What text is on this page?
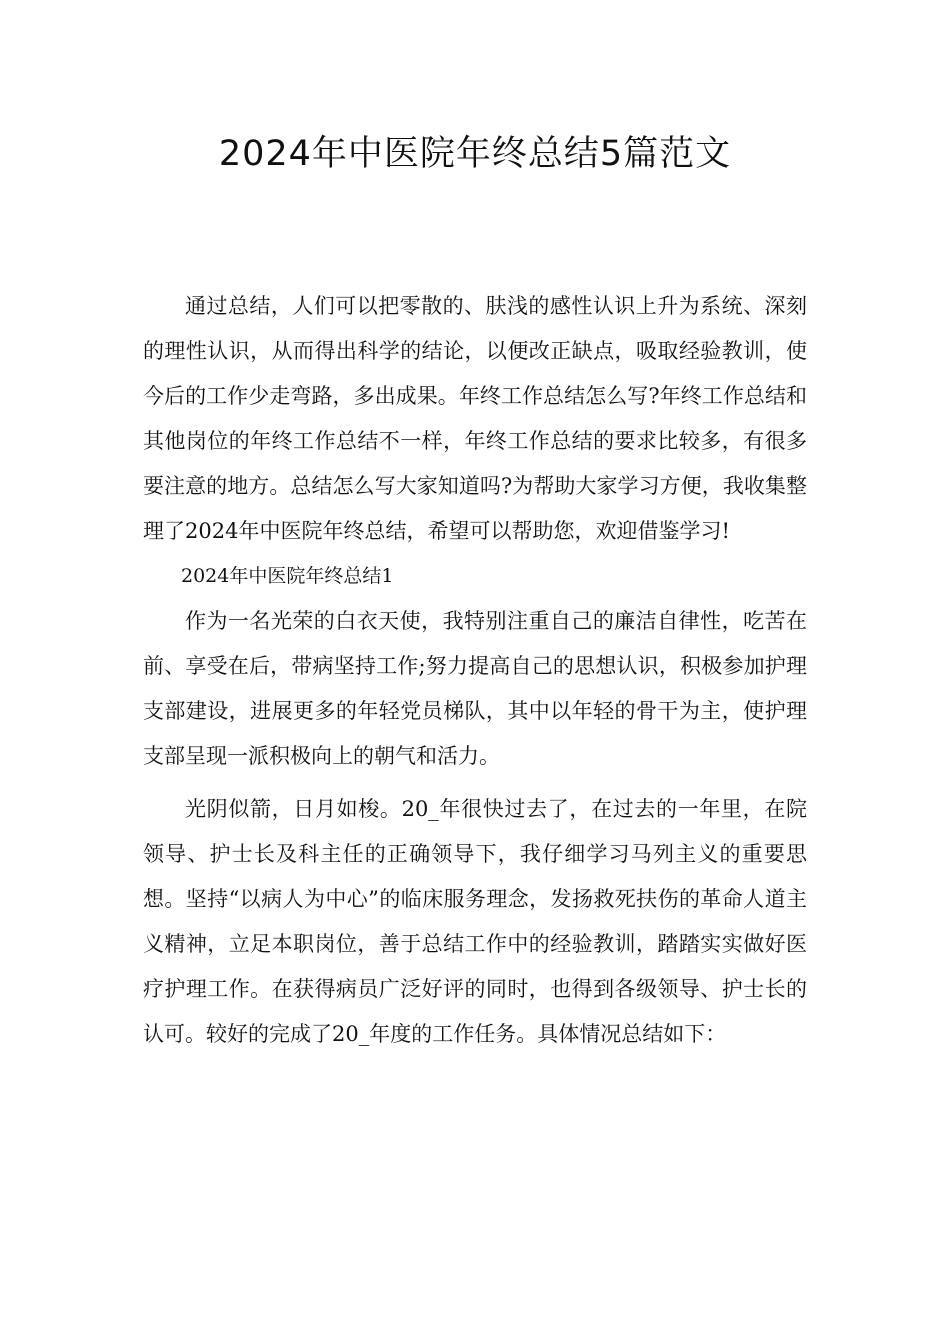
2024年中医院年终总结5篇范文

通过总结，人们可以把零散的、肤浅的感性认识上升为系统、深刻的理性认识，从而得出科学的结论，以便改正缺点，吸取经验教训，使今后的工作少走弯路，多出成果。年终工作总结怎么写?年终工作总结和其他岗位的年终工作总结不一样，年终工作总结的要求比较多，有很多要注意的地方。总结怎么写大家知道吗?为帮助大家学习方便，我收集整理了2024年中医院年终总结，希望可以帮助您，欢迎借鉴学习!

2024年中医院年终总结1

作为一名光荣的白衣天使，我特别注重自己的廉洁自律性，吃苦在前、享受在后，带病坚持工作;努力提高自己的思想认识，积极参加护理支部建设，进展更多的年轻党员梯队，其中以年轻的骨干为主，使护理支部呈现一派积极向上的朝气和活力。

光阴似箭，日月如梭。20_年很快过去了，在过去的一年里，在院领导、护士长及科主任的正确领导下，我仔细学习马列主义的重要思想。坚持“以病人为中心”的临床服务理念，发扬救死扶伤的革命人道主义精神，立足本职岗位，善于总结工作中的经验教训，踏踏实实做好医疗护理工作。在获得病员广泛好评的同时，也得到各级领导、护士长的认可。较好的完成了20_年度的工作任务。具体情况总结如下：
